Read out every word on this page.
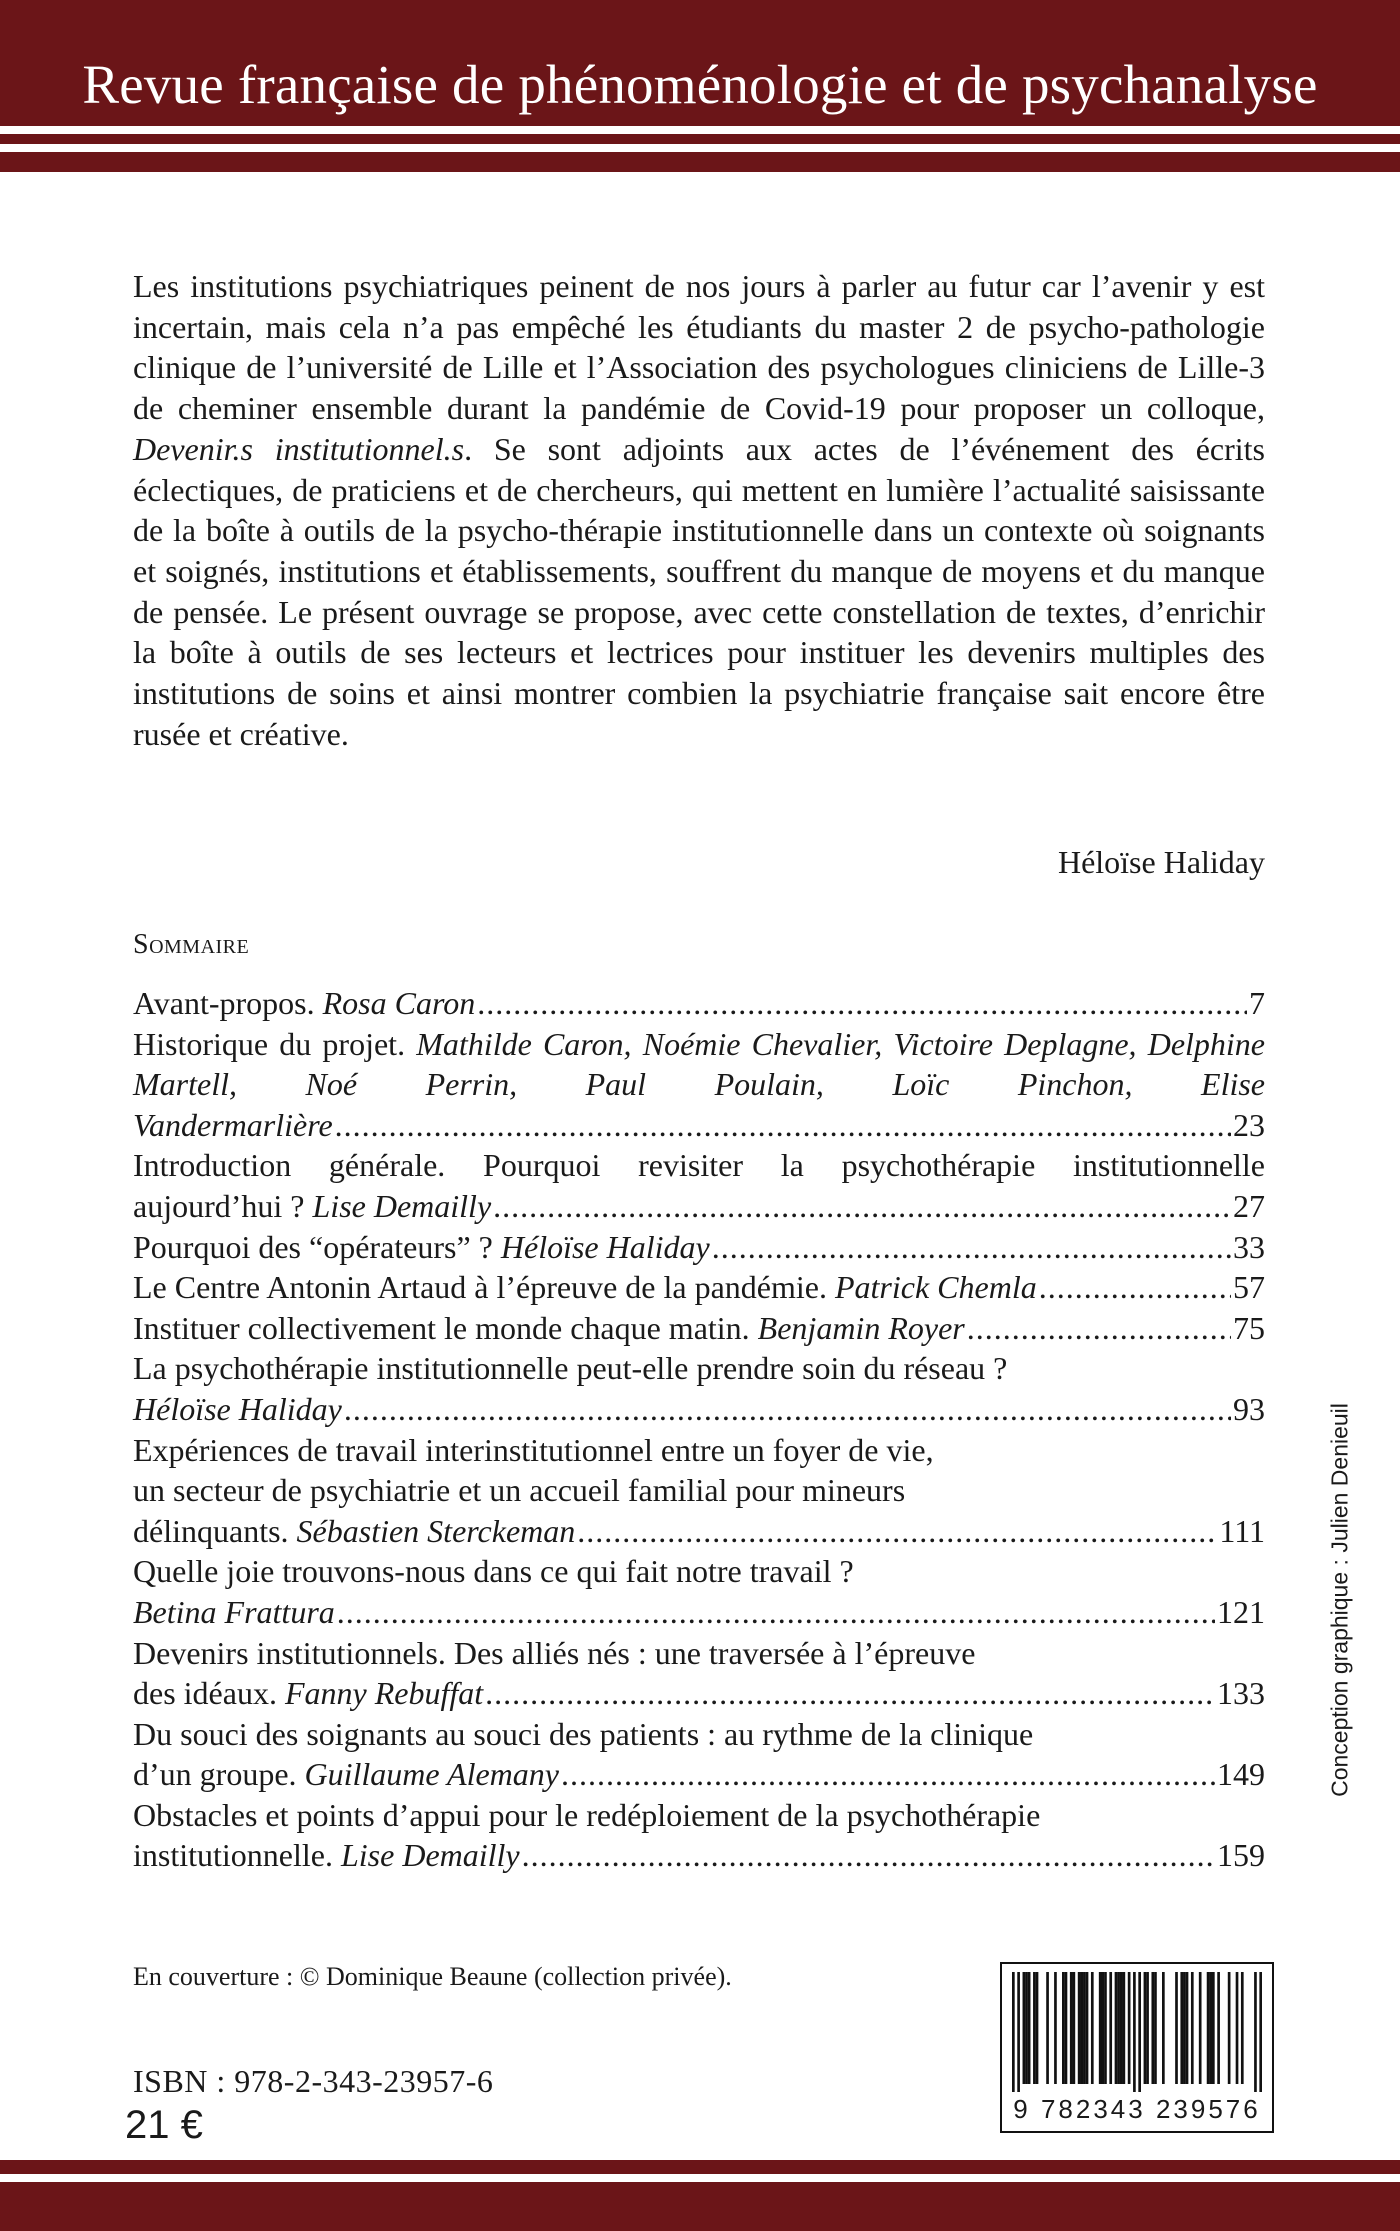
Revue française de phénoménologie et de psychanalyse
Les institutions psychiatriques peinent de nos jours à parler au futur car l’avenir y est incertain, mais cela n’a pas empêché les étudiants du master 2 de psycho-pathologie clinique de l’université de Lille et l’Association des psychologues cliniciens de Lille-3 de cheminer ensemble durant la pandémie de Covid-19 pour proposer un colloque, Devenir.s institutionnel.s. Se sont adjoints aux actes de l’événement des écrits éclectiques, de praticiens et de chercheurs, qui mettent en lumière l’actualité saisissante de la boîte à outils de la psycho-thérapie institutionnelle dans un contexte où soignants et soignés, institutions et établissements, souffrent du manque de moyens et du manque de pensée. Le présent ouvrage se propose, avec cette constellation de textes, d’enrichir la boîte à outils de ses lecteurs et lectrices pour instituer les devenirs multiples des institutions de soins et ainsi montrer combien la psychiatrie française sait encore être rusée et créative.
Héloïse Haliday
Sommaire
Avant-propos. Rosa Caron .....	7
Historique du projet. Mathilde Caron, Noémie Chevalier, Victoire Deplagne, Delphine Martell, Noé Perrin, Paul Poulain, Loïc Pinchon, Elise
Vandermarlière .....	23
Introduction générale. Pourquoi revisiter la psychothérapie institutionnelle
aujourd’hui ? Lise Demailly .....	27
Pourquoi des “opérateurs” ? Héloïse Haliday .....	33
Le Centre Antonin Artaud à l’épreuve de la pandémie. Patrick Chemla .....	57
Instituer collectivement le monde chaque matin. Benjamin Royer .....	75
La psychothérapie institutionnelle peut-elle prendre soin du réseau ?
Héloïse Haliday .....	93
Expériences de travail interinstitutionnel entre un foyer de vie,
un secteur de psychiatrie et un accueil familial pour mineurs
délinquants. Sébastien Sterckeman .....	111
Quelle joie trouvons-nous dans ce qui fait notre travail ?
Betina Frattura .....	121
Devenirs institutionnels. Des alliés nés : une traversée à l’épreuve
des idéaux. Fanny Rebuffat .....	133
Du souci des soignants au souci des patients : au rythme de la clinique
d’un groupe. Guillaume Alemany .....	149
Obstacles et points d’appui pour le redéploiement de la psychothérapie
institutionnelle. Lise Demailly .....	159
Conception graphique : Julien Denieuil
En couverture : © Dominique Beaune (collection privée).
ISBN : 978-2-343-23957-6
21 €	9 782343 239576
